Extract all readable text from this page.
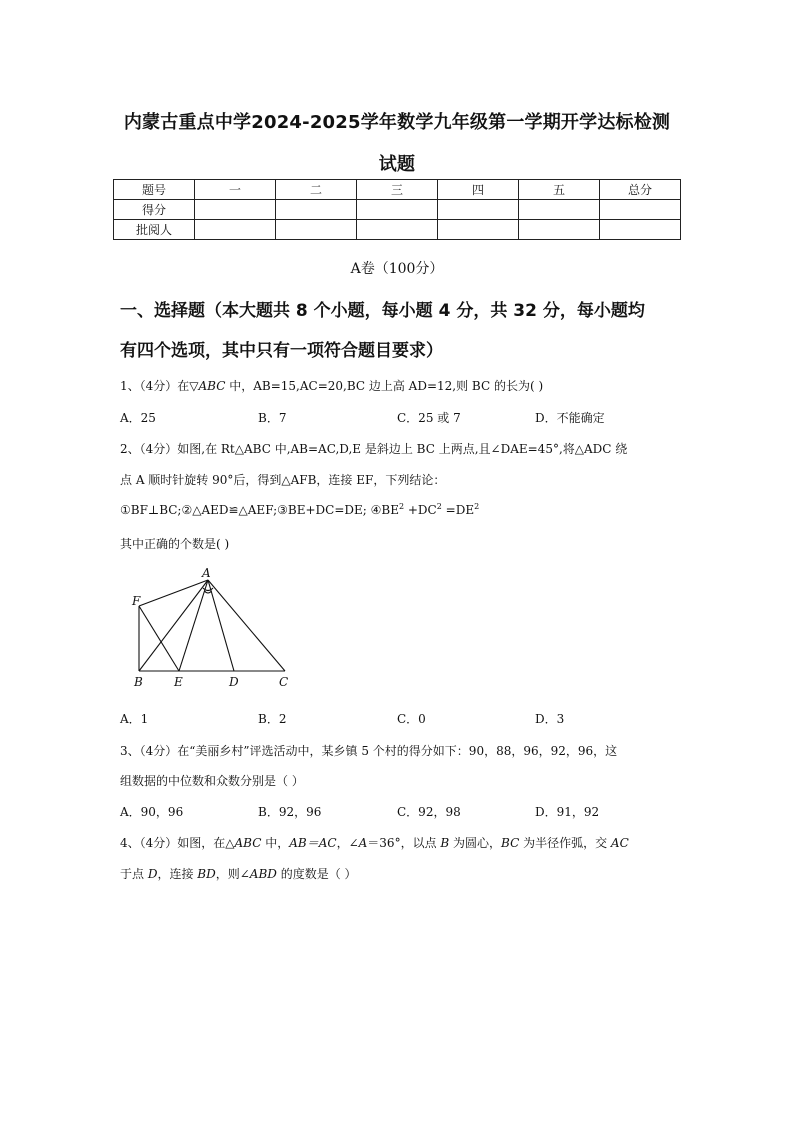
内蒙古重点中学2024-2025学年数学九年级第一学期开学达标检测
试题
题号	一	二	三	四	五	总分
得分						
批阅人						
A卷（100分）
一、选择题（本大题共 8 个小题，每小题 4 分，共 32 分，每小题均
有四个选项，其中只有一项符合题目要求）
1、（4分）在▽ABC 中，AB=15,AC=20,BC 边上高 AD=12,则 BC 的长为( )
A．25	B．7	C．25 或 7	D．不能确定
2、（4分）如图,在 Rt△ABC 中,AB=AC,D,E 是斜边上 BC 上两点,且∠DAE=45°,将△ADC 绕
点 A 顺时针旋转 90°后，得到△AFB，连接 EF，下列结论：
①BF⊥BC;②△AED≌△AEF;③BE+DC=DE; $④BE^2 +DC^2 =DE^2$
其中正确的个数是( )
A
F
B	E	D	C
A．1	B．2	C．0	D．3
3、（4分）在“美丽乡村”评选活动中，某乡镇 5 个村的得分如下：90，88，96，92，96，这
组数据的中位数和众数分别是（ ）
A．90，96	B．92，96	C．92，98	D．91，92
4、（4分）如图，在△ABC 中，AB＝AC，∠A＝36°，以点 B 为圆心，BC 为半径作弧，交 AC
于点 D，连接 BD，则∠ABD 的度数是（ ）
